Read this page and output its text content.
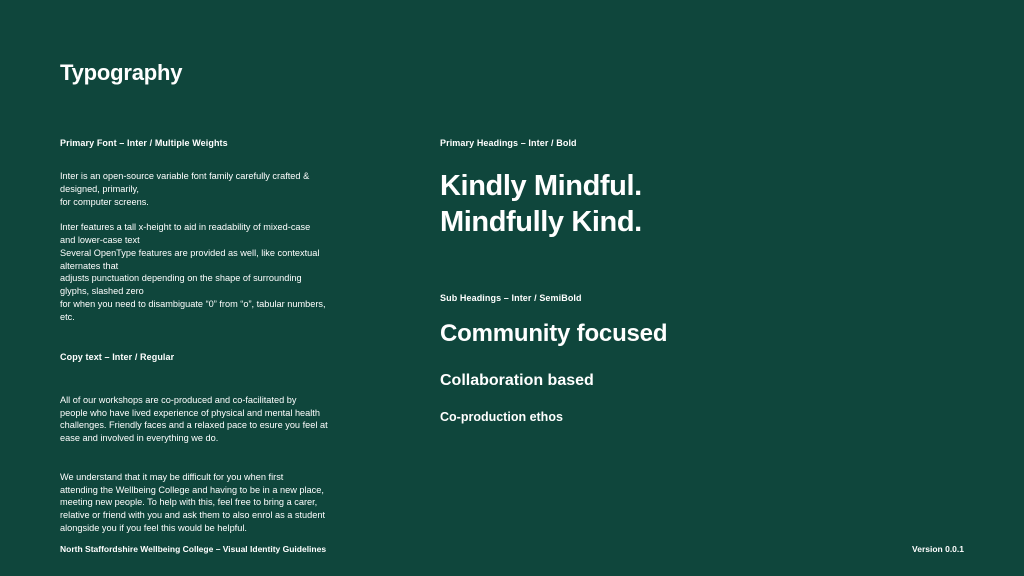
Typography
Primary Font – Inter / Multiple Weights
Inter is an open-source variable font family carefully crafted &
designed, primarily,
for computer screens.

Inter features a tall x-height to aid in readability of mixed-case
and lower-case text
Several OpenType features are provided as well, like contextual
alternates that
adjusts punctuation depending on the shape of surrounding
glyphs, slashed zero
for when you need to disambiguate “0” from “o”, tabular numbers,
etc.
Copy text – Inter / Regular

All of our workshops are co-produced and co-facilitated by
people who have lived experience of physical and mental health
challenges. Friendly faces and a relaxed pace to esure you feel at
ease and involved in everything we do.

We understand that it may be difficult for you when first
attending the Wellbeing College and having to be in a new place,
meeting new people. To help with this, feel free to bring a carer,
relative or friend with you and ask them to also enrol as a student
alongside you if you feel this would be helpful.

Primary Headings – Inter / Bold
Kindly Mindful.
Mindfully Kind.
Sub Headings – Inter / SemiBold
Community focused
Collaboration based
Co-production ethos
North Staffordshire Wellbeing College – Visual Identity Guidelines	Version 0.0.1
